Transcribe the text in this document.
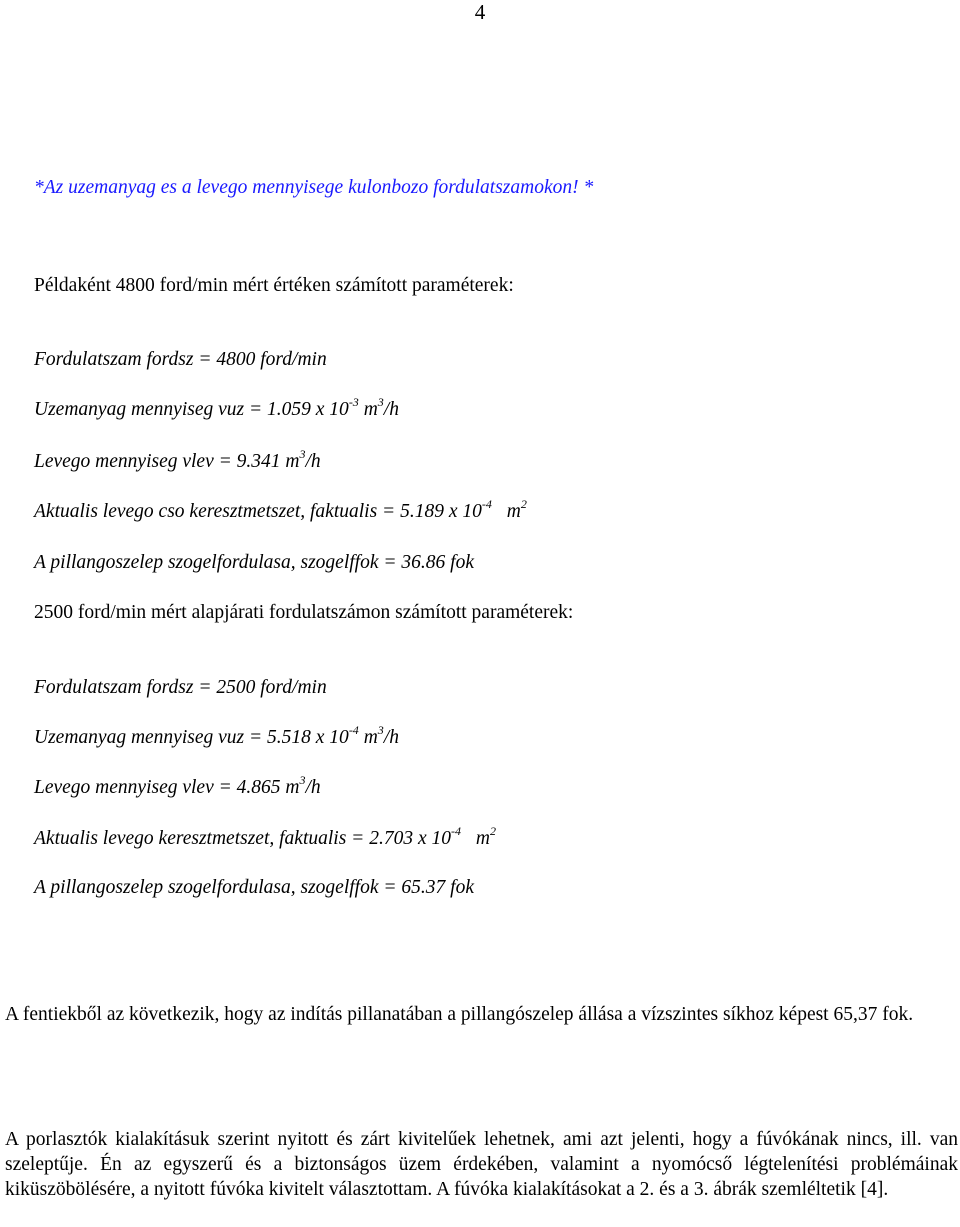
4
*Az uzemanyag es a levego mennyisege kulonbozo fordulatszamokon! *
Példaként 4800 ford/min mért értéken számított paraméterek:
Fordulatszam fordsz = 4800 ford/min
Uzemanyag mennyiseg vuz = 1.059 x $10^{-3}$ $m^3/h$
Levego mennyiseg vlev = 9.341 $m^3/h$
Aktualis levego cso keresztmetszet, faktualis = 5.189 x $10^{-4}$ $m^2$
A pillangoszelep szogelfordulasa, szogelffok = 36.86 fok
2500 ford/min mért alapjárati fordulatszámon számított paraméterek:
Fordulatszam fordsz = 2500 ford/min
Uzemanyag mennyiseg vuz = 5.518 x $10^{-4}$ $m^3/h$
Levego mennyiseg vlev = 4.865 $m^3/h$
Aktualis levego keresztmetszet, faktualis = 2.703 x $10^{-4}$ $m^2$
A pillangoszelep szogelfordulasa, szogelffok = 65.37 fok
A fentiekből az következik, hogy az indítás pillanatában a pillangószelep állása a vízszintes síkhoz képest 65,37 fok.
A porlasztók kialakításuk szerint nyitott és zárt kivitelűek lehetnek, ami azt jelenti, hogy a fúvókának nincs, ill. van szeleptűje. Én az egyszerű és a biztonságos üzem érdekében, valamint a nyomócső légtelenítési problémáinak kiküszöbölésére, a nyitott fúvóka kivitelt választottam. A fúvóka kialakításokat a 2. és a 3. ábrák szemléltetik [4].
